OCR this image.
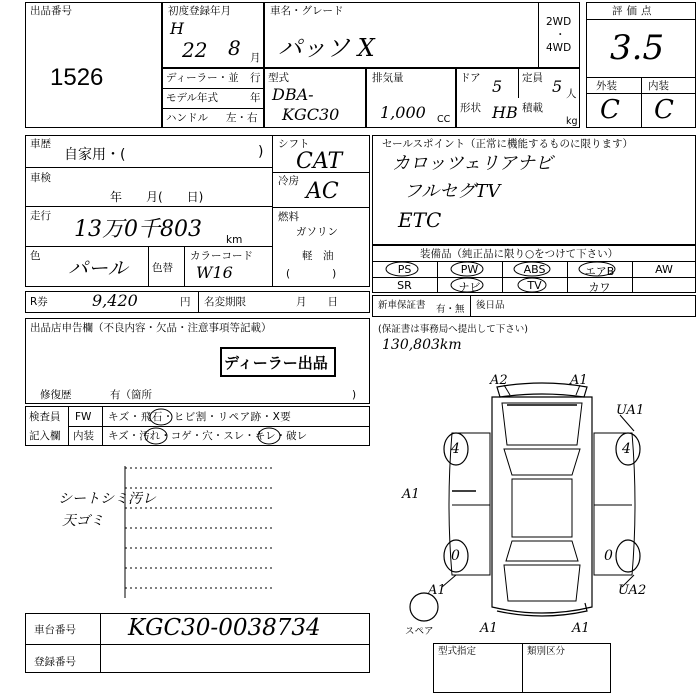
出品番号
1526
初度登録年月
H
22 8 月
車名・グレード
パッソ X
2WD
・
4WD
評価点
3.5
外装	内装
C C
ディーラー・並 行
モデル年式	年
ハンドル 左・右
型式
DBA-
KGC30
排気量
1,000 CC
ドア 5 定員 5 人
形状 HB 積載
kg
車歴
自家用・(	)
車検
年　　月(　　日)
走行
13万0千803 km
色 パール 色替
カラーコード
W16
シフト
CAT
冷房 AC
燃料
ガソリン
軽　油
(　　　　)
R券	9,420	円 名変期限	月　　日
セールスポイント（正常に機能するものに限ります）
カロッツェリアナビ
フルセグTV
ETC
装備品（純正品に限り○をつけて下さい）
PS	PW	ABS	エアB	AW
SR	ナビ	TV	カワ
新車保証書 有・無 後日品
(保証書は事務局へ提出して下さい)
130,803km
出品店申告欄（不良内容・欠品・注意事項等記載）
ディーラー出品
修復歴	有（箇所	)
検査員
記入欄
FW キズ・飛石・ヒビ割・リペア跡・X要
内装 キズ・汚れ・コゲ・穴・スレ・キレ・破レ
シートシミ汚レ
天ゴミ
車台番号 KGC30-0038734
登録番号
A2	A1
UA1
A1
A1	UA2
A1	A1
4	4
0	0
スペア
型式指定	類別区分
